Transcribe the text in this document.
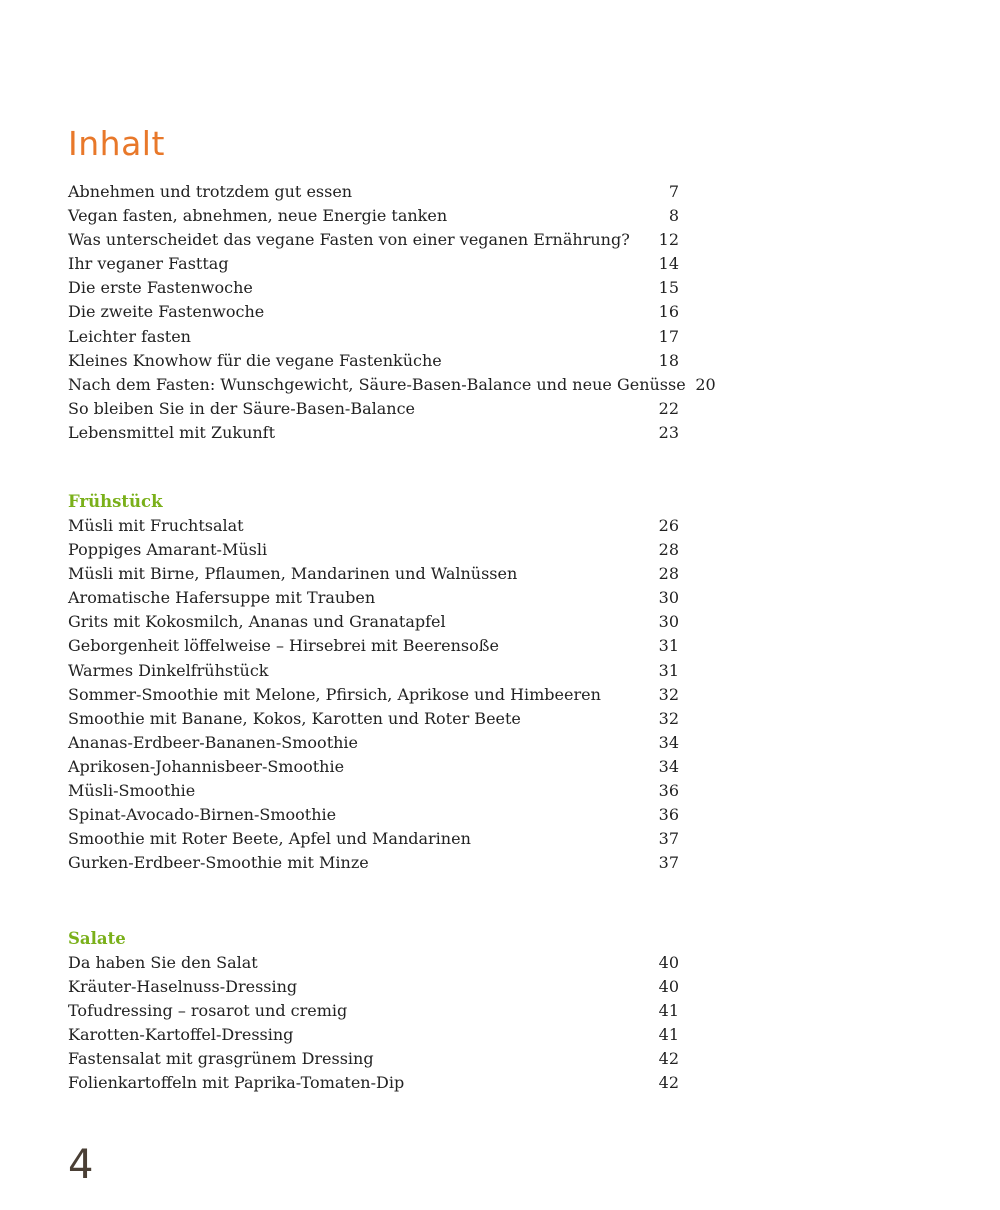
Inhalt
Abnehmen und trotzdem gut essen	7
Vegan fasten, abnehmen, neue Energie tanken	8
Was unterscheidet das vegane Fasten von einer veganen Ernährung?	12
Ihr veganer Fasttag	14
Die erste Fastenwoche	15
Die zweite Fastenwoche	16
Leichter fasten	17
Kleines Knowhow für die vegane Fastenküche	18
Nach dem Fasten: Wunschgewicht, Säure-Basen-Balance und neue Genüsse 20
So bleiben Sie in der Säure-Basen-Balance	22
Lebensmittel mit Zukunft	23
Frühstück
Müsli mit Fruchtsalat	26
Poppiges Amarant-Müsli	28
Müsli mit Birne, Pflaumen, Mandarinen und Walnüssen	28
Aromatische Hafersuppe mit Trauben	30
Grits mit Kokosmilch, Ananas und Granatapfel	30
Geborgenheit löffelweise – Hirsebrei mit Beerensoße	31
Warmes Dinkelfrühstück	31
Sommer-Smoothie mit Melone, Pfirsich, Aprikose und Himbeeren	32
Smoothie mit Banane, Kokos, Karotten und Roter Beete	32
Ananas-Erdbeer-Bananen-Smoothie	34
Aprikosen-Johannisbeer-Smoothie	34
Müsli-Smoothie	36
Spinat-Avocado-Birnen-Smoothie	36
Smoothie mit Roter Beete, Apfel und Mandarinen	37
Gurken-Erdbeer-Smoothie mit Minze	37
Salate
Da haben Sie den Salat	40
Kräuter-Haselnuss-Dressing	40
Tofudressing – rosarot und cremig	41
Karotten-Kartoffel-Dressing	41
Fastensalat mit grasgrünem Dressing	42
Folienkartoffeln mit Paprika-Tomaten-Dip	42
4
